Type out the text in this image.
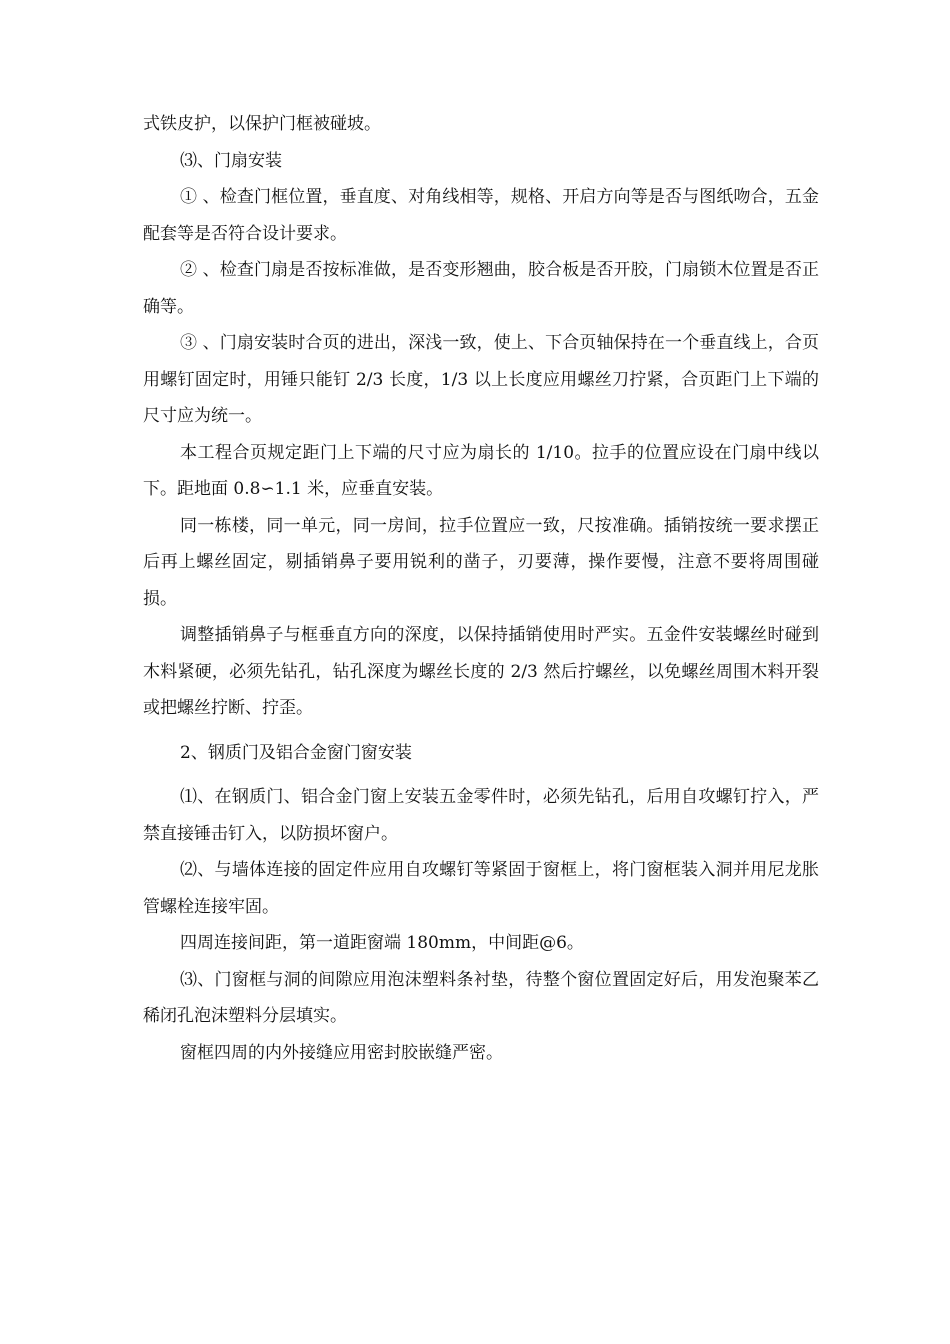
式铁皮护，以保护门框被碰坡。

⑶、门扇安装

① 、检查门框位置，垂直度、对角线相等，规格、开启方向等是否与图纸吻合，五金配套等是否符合设计要求。

② 、检查门扇是否按标准做，是否变形翘曲，胶合板是否开胶，门扇锁木位置是否正确等。

③ 、门扇安装时合页的进出，深浅一致，使上、下合页轴保持在一个垂直线上，合页用螺钉固定时，用锤只能钉 2/3 长度，1/3 以上长度应用螺丝刀拧紧，合页距门上下端的尺寸应为统一。

本工程合页规定距门上下端的尺寸应为扇长的 1/10。拉手的位置应设在门扇中线以下。距地面 0.8∽1.1 米，应垂直安装。

同一栋楼，同一单元，同一房间，拉手位置应一致，尺按准确。插销按统一要求摆正后再上螺丝固定，剔插销鼻子要用锐利的凿子，刃要薄，操作要慢，注意不要将周围碰损。

调整插销鼻子与框垂直方向的深度，以保持插销使用时严实。五金件安装螺丝时碰到木料紧硬，必须先钻孔，钻孔深度为螺丝长度的 2/3 然后拧螺丝，以免螺丝周围木料开裂或把螺丝拧断、拧歪。

2、钢质门及铝合金窗门窗安装

⑴、在钢质门、铝合金门窗上安装五金零件时，必须先钻孔，后用自攻螺钉拧入，严禁直接锤击钉入，以防损坏窗户。

⑵、与墙体连接的固定件应用自攻螺钉等紧固于窗框上，将门窗框装入洞并用尼龙胀管螺栓连接牢固。

四周连接间距，第一道距窗端 180mm，中间距@6。

⑶、门窗框与洞的间隙应用泡沫塑料条衬垫，待整个窗位置固定好后，用发泡聚苯乙稀闭孔泡沫塑料分层填实。

窗框四周的内外接缝应用密封胶嵌缝严密。
